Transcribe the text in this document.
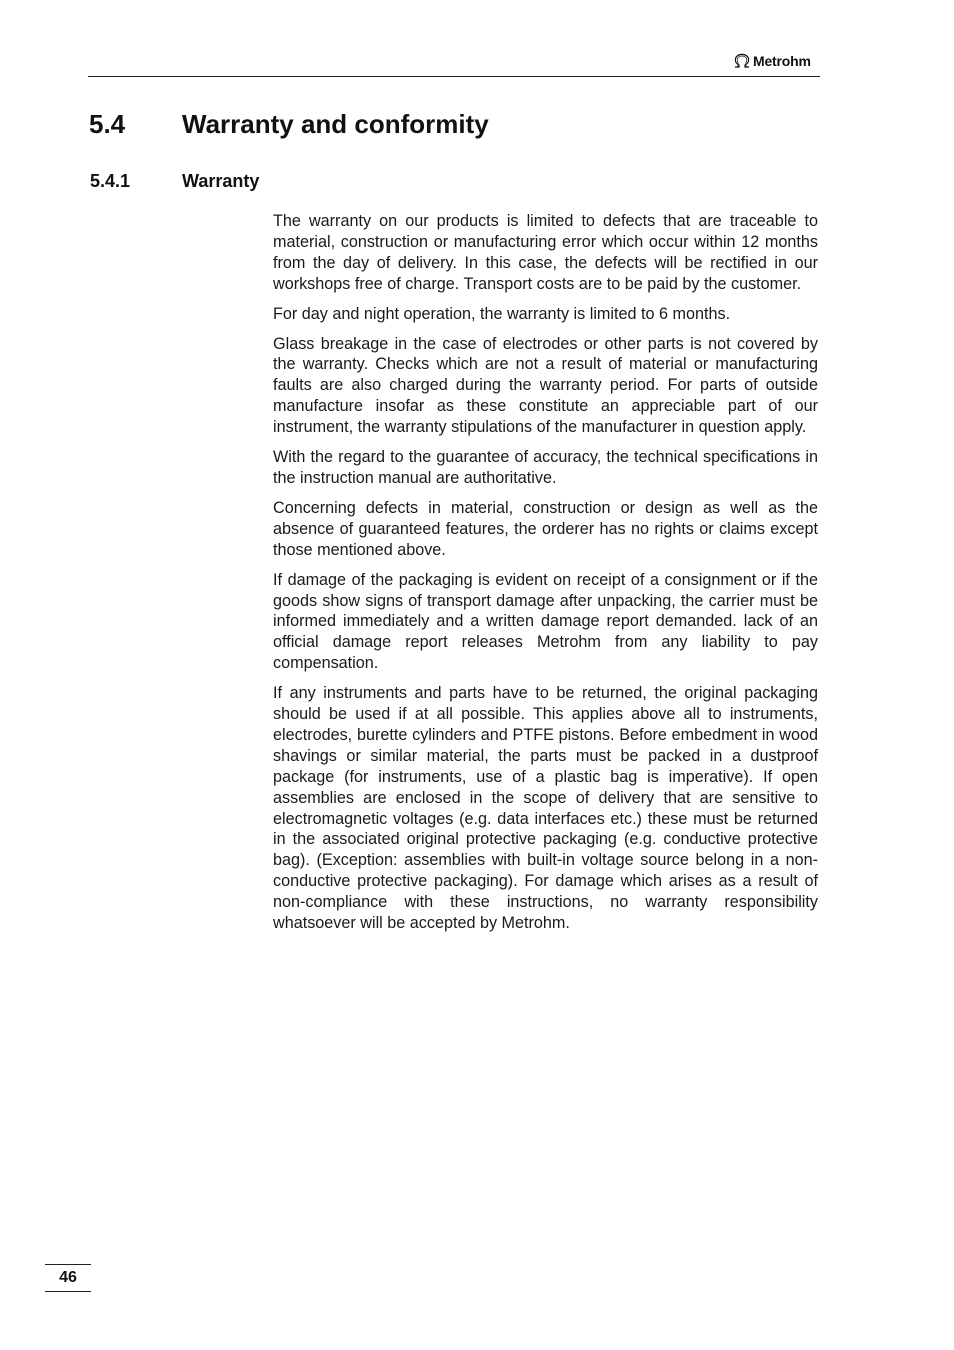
Metrohm
5.4 Warranty and conformity
5.4.1	Warranty

The warranty on our products is limited to defects that are traceable to material, construction or manufacturing error which occur within 12 months from the day of delivery. In this case, the defects will be rectified in our workshops free of charge. Transport costs are to be paid by the customer.

For day and night operation, the warranty is limited to 6 months.

Glass breakage in the case of electrodes or other parts is not covered by the warranty. Checks which are not a result of material or manufacturing faults are also charged during the warranty period. For parts of outside manufacture insofar as these constitute an appreciable part of our instrument, the warranty stipulations of the manufacturer in question apply.

With the regard to the guarantee of accuracy, the technical specifications in the instruction manual are authoritative.

Concerning defects in material, construction or design as well as the absence of guaranteed features, the orderer has no rights or claims except those mentioned above.

If damage of the packaging is evident on receipt of a consignment or if the goods show signs of transport damage after unpacking, the carrier must be informed immediately and a written damage report demanded. lack of an official damage report releases Metrohm from any liability to pay compensation.

If any instruments and parts have to be returned, the original packaging should be used if at all possible. This applies above all to instruments, electrodes, burette cylinders and PTFE pistons. Before embedment in wood shavings or similar material, the parts must be packed in a dustproof package (for instruments, use of a plastic bag is imperative). If open assemblies are enclosed in the scope of delivery that are sensitive to electromagnetic voltages (e.g. data interfaces etc.) these must be returned in the associated original protective packaging (e.g. conductive protective bag). (Exception: assemblies with built-in voltage source belong in a non-conductive protective packaging). For damage which arises as a result of non-compliance with these instructions, no warranty responsibility whatsoever will be accepted by Metrohm.

46
